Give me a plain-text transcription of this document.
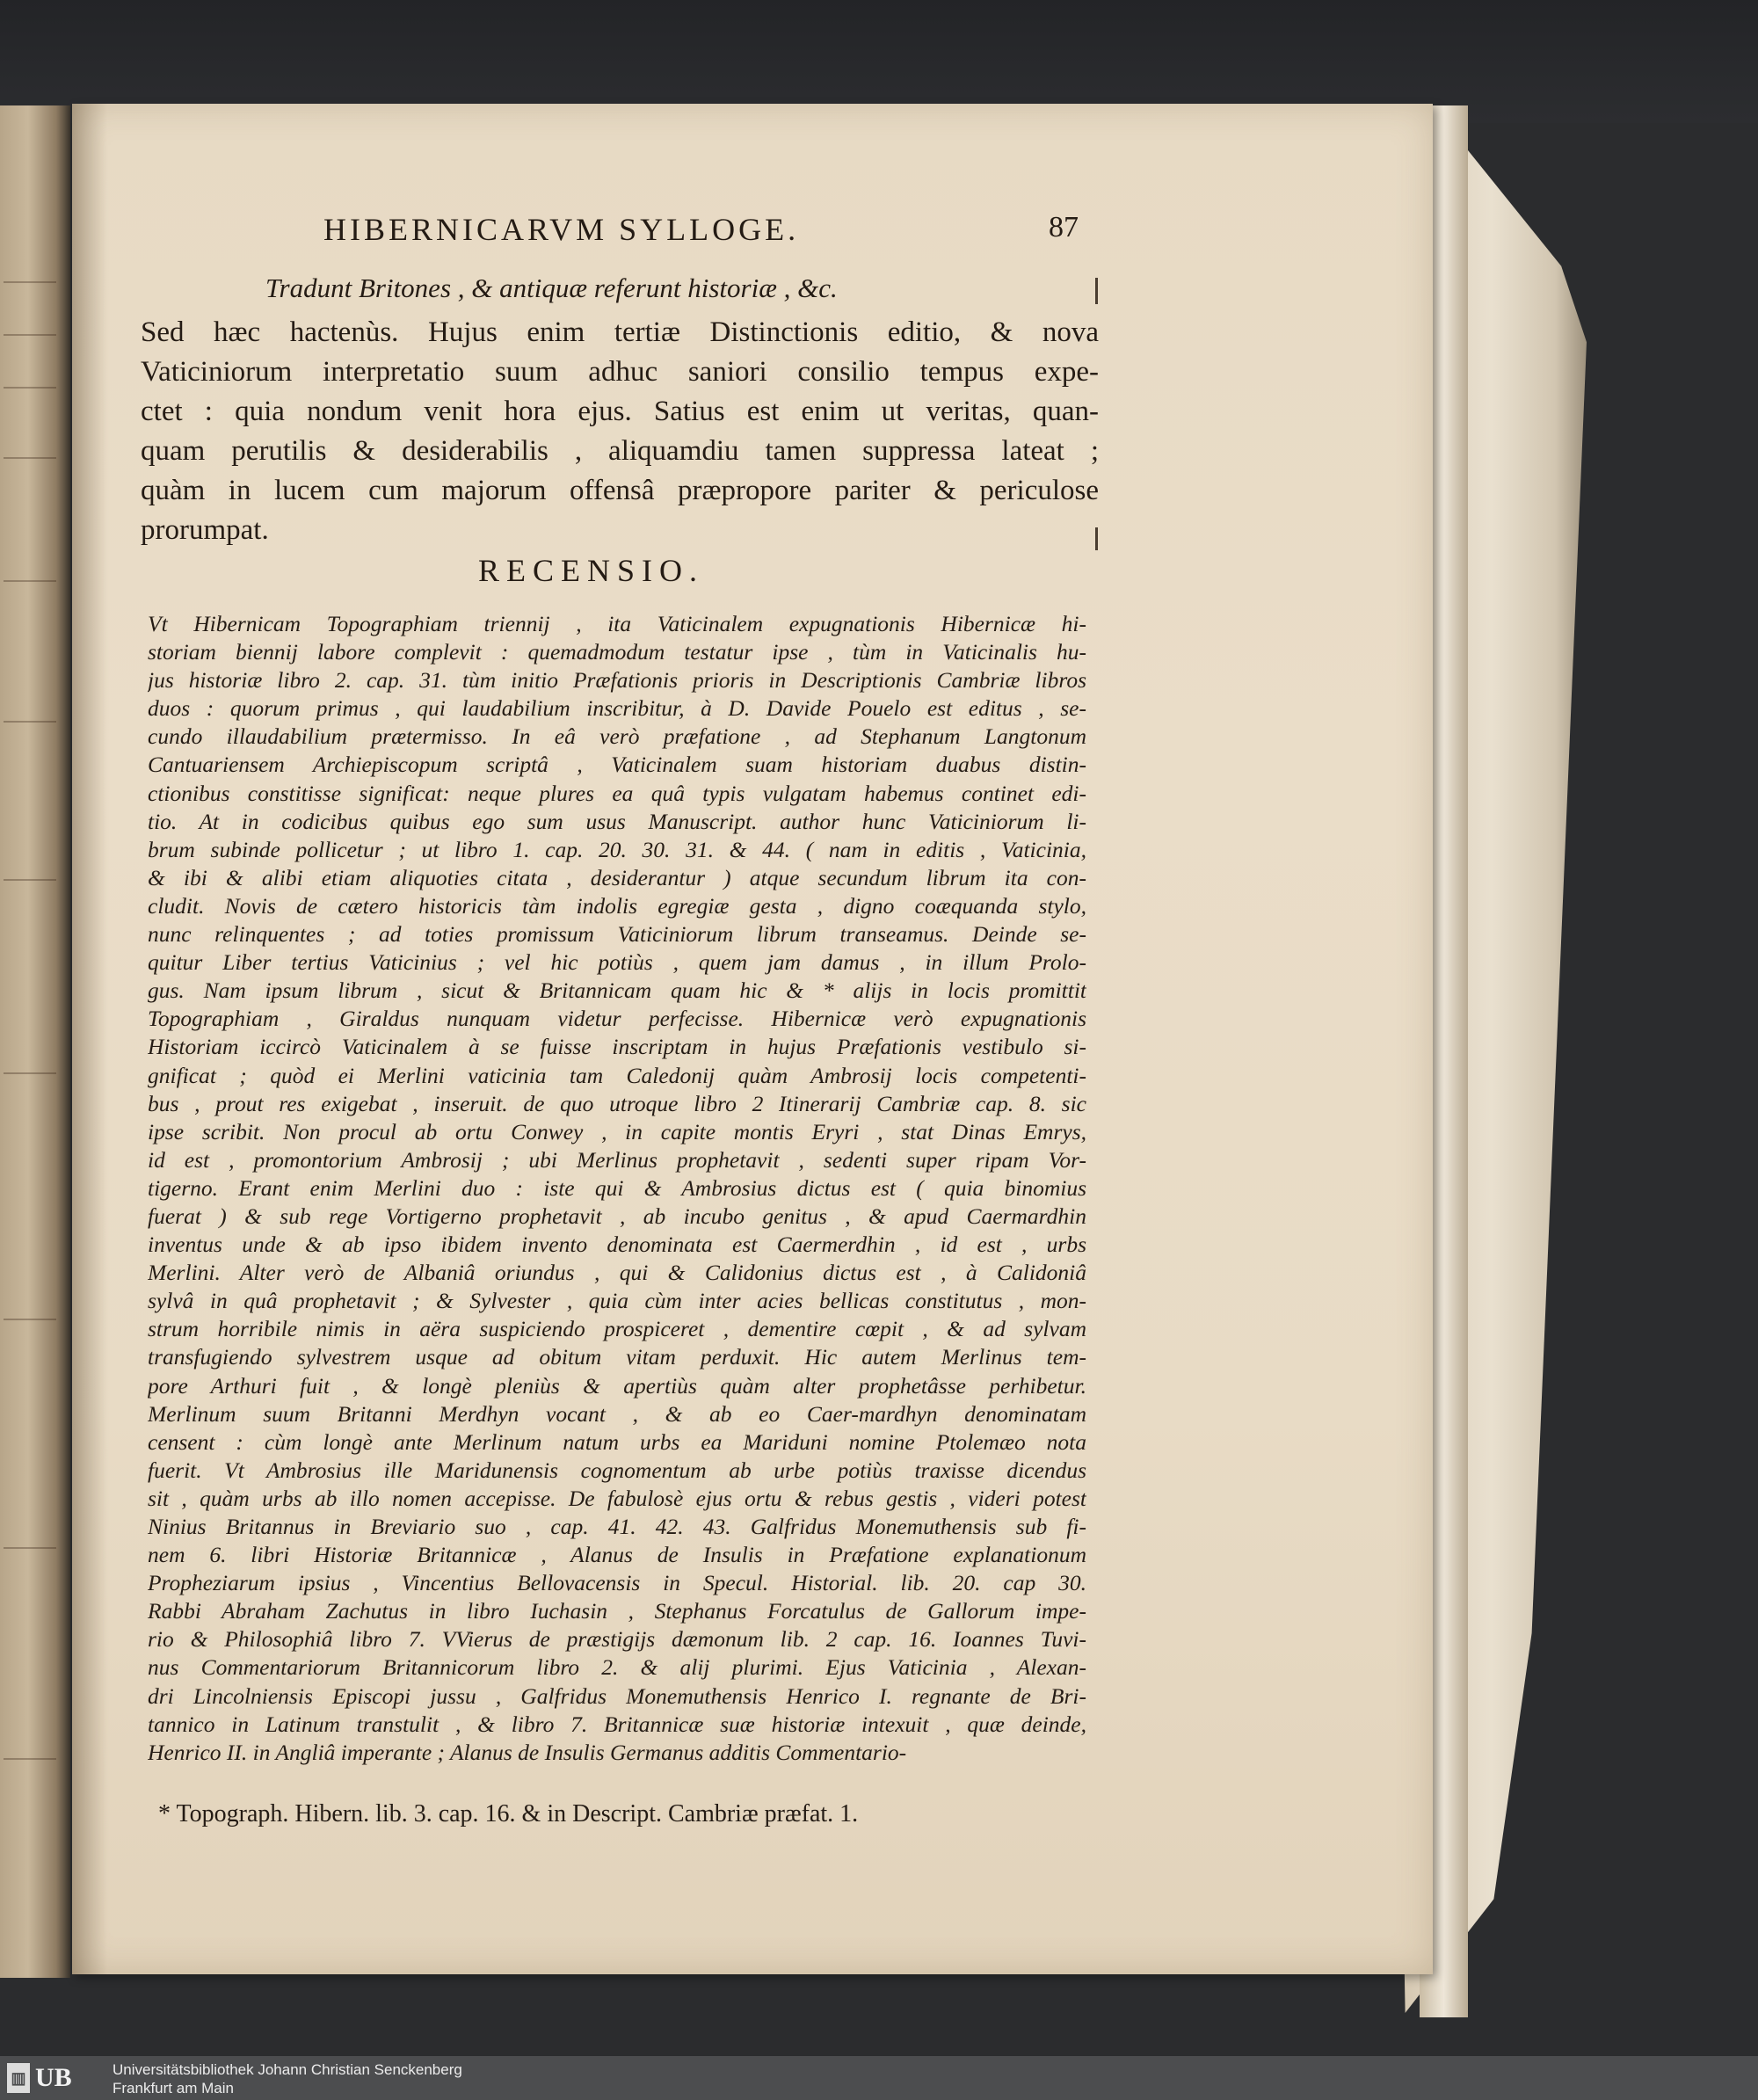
HIBERNICARVM SYLLOGE.	87
Tradunt Britones , & antiquæ referunt historiæ , &c.
Sed hæc hactenùs. Hujus enim tertiæ Distinctionis editio, & nova
Vaticiniorum interpretatio suum adhuc saniori consilio tempus expe-
ctet : quia nondum venit hora ejus. Satius est enim ut veritas, quan-
quam perutilis & desiderabilis , aliquamdiu tamen suppressa lateat ;
quàm in lucem cum majorum offensâ præpropore pariter & periculose
prorumpat.
RECENSIO.
Vt Hibernicam Topographiam triennij , ita Vaticinalem expugnationis Hibernicæ hi-
storiam biennij labore complevit : quemadmodum testatur ipse , tùm in Vaticinalis hu-
jus historiæ libro 2. cap. 31. tùm initio Præfationis prioris in Descriptionis Cambriæ libros
duos : quorum primus , qui laudabilium inscribitur, à D. Davide Pouelo est editus , se-
cundo illaudabilium prætermisso. In eâ verò præfatione , ad Stephanum Langtonum
Cantuariensem Archiepiscopum scriptâ , Vaticinalem suam historiam duabus distin-
ctionibus constitisse significat: neque plures ea quâ typis vulgatam habemus continet edi-
tio. At in codicibus quibus ego sum usus Manuscript. author hunc Vaticiniorum li-
brum subinde pollicetur ; ut libro 1. cap. 20. 30. 31. & 44. ( nam in editis , Vaticinia,
& ibi & alibi etiam aliquoties citata , desiderantur ) atque secundum librum ita con-
cludit. Novis de cætero historicis tàm indolis egregiæ gesta , digno coæquanda stylo,
nunc relinquentes ; ad toties promissum Vaticiniorum librum transeamus. Deinde se-
quitur Liber tertius Vaticinius ; vel hic potiùs , quem jam damus , in illum Prolo-
gus. Nam ipsum librum , sicut & Britannicam quam hic & * alijs in locis promittit
Topographiam , Giraldus nunquam videtur perfecisse. Hibernicæ verò expugnationis
Historiam iccircò Vaticinalem à se fuisse inscriptam in hujus Præfationis vestibulo si-
gnificat ; quòd ei Merlini vaticinia tam Caledonij quàm Ambrosij locis competenti-
bus , prout res exigebat , inseruit. de quo utroque libro 2 Itinerarij Cambriæ cap. 8. sic
ipse scribit. Non procul ab ortu Conwey , in capite montis Eryri , stat Dinas Emrys,
id est , promontorium Ambrosij ; ubi Merlinus prophetavit , sedenti super ripam Vor-
tigerno. Erant enim Merlini duo : iste qui & Ambrosius dictus est ( quia binomius
fuerat ) & sub rege Vortigerno prophetavit , ab incubo genitus , & apud Caermardhin
inventus unde & ab ipso ibidem invento denominata est Caermerdhin , id est , urbs
Merlini. Alter verò de Albaniâ oriundus , qui & Calidonius dictus est , à Calidoniâ
sylvâ in quâ prophetavit ; & Sylvester , quia cùm inter acies bellicas constitutus , mon-
strum horribile nimis in aëra suspiciendo prospiceret , dementire cœpit , & ad sylvam
transfugiendo sylvestrem usque ad obitum vitam perduxit. Hic autem Merlinus tem-
pore Arthuri fuit , & longè pleniùs & apertiùs quàm alter prophetâsse perhibetur.
Merlinum suum Britanni Merdhyn vocant , & ab eo Caer-mardhyn denominatam
censent : cùm longè ante Merlinum natum urbs ea Mariduni nomine Ptolemæo nota
fuerit. Vt Ambrosius ille Maridunensis cognomentum ab urbe potiùs traxisse dicendus
sit , quàm urbs ab illo nomen accepisse. De fabulosè ejus ortu & rebus gestis , videri potest
Ninius Britannus in Breviario suo , cap. 41. 42. 43. Galfridus Monemuthensis sub fi-
nem 6. libri Historiæ Britannicæ , Alanus de Insulis in Præfatione explanationum
Propheziarum ipsius , Vincentius Bellovacensis in Specul. Historial. lib. 20. cap 30.
Rabbi Abraham Zachutus in libro Iuchasin , Stephanus Forcatulus de Gallorum impe-
rio & Philosophiâ libro 7. VVierus de præstigijs dæmonum lib. 2 cap. 16. Ioannes Tuvi-
nus Commentariorum Britannicorum libro 2. & alij plurimi. Ejus Vaticinia , Alexan-
dri Lincolniensis Episcopi jussu , Galfridus Monemuthensis Henrico I. regnante de Bri-
tannico in Latinum transtulit , & libro 7. Britannicæ suæ historiæ intexuit , quæ deinde,
Henrico II. in Angliâ imperante ; Alanus de Insulis Germanus additis Commentario-
* Topograph. Hibern. lib. 3. cap. 16. & in Descript. Cambriæ præfat. 1.
▥ UB	Universitätsbibliothek Johann Christian Senckenberg
Frankfurt am Main
